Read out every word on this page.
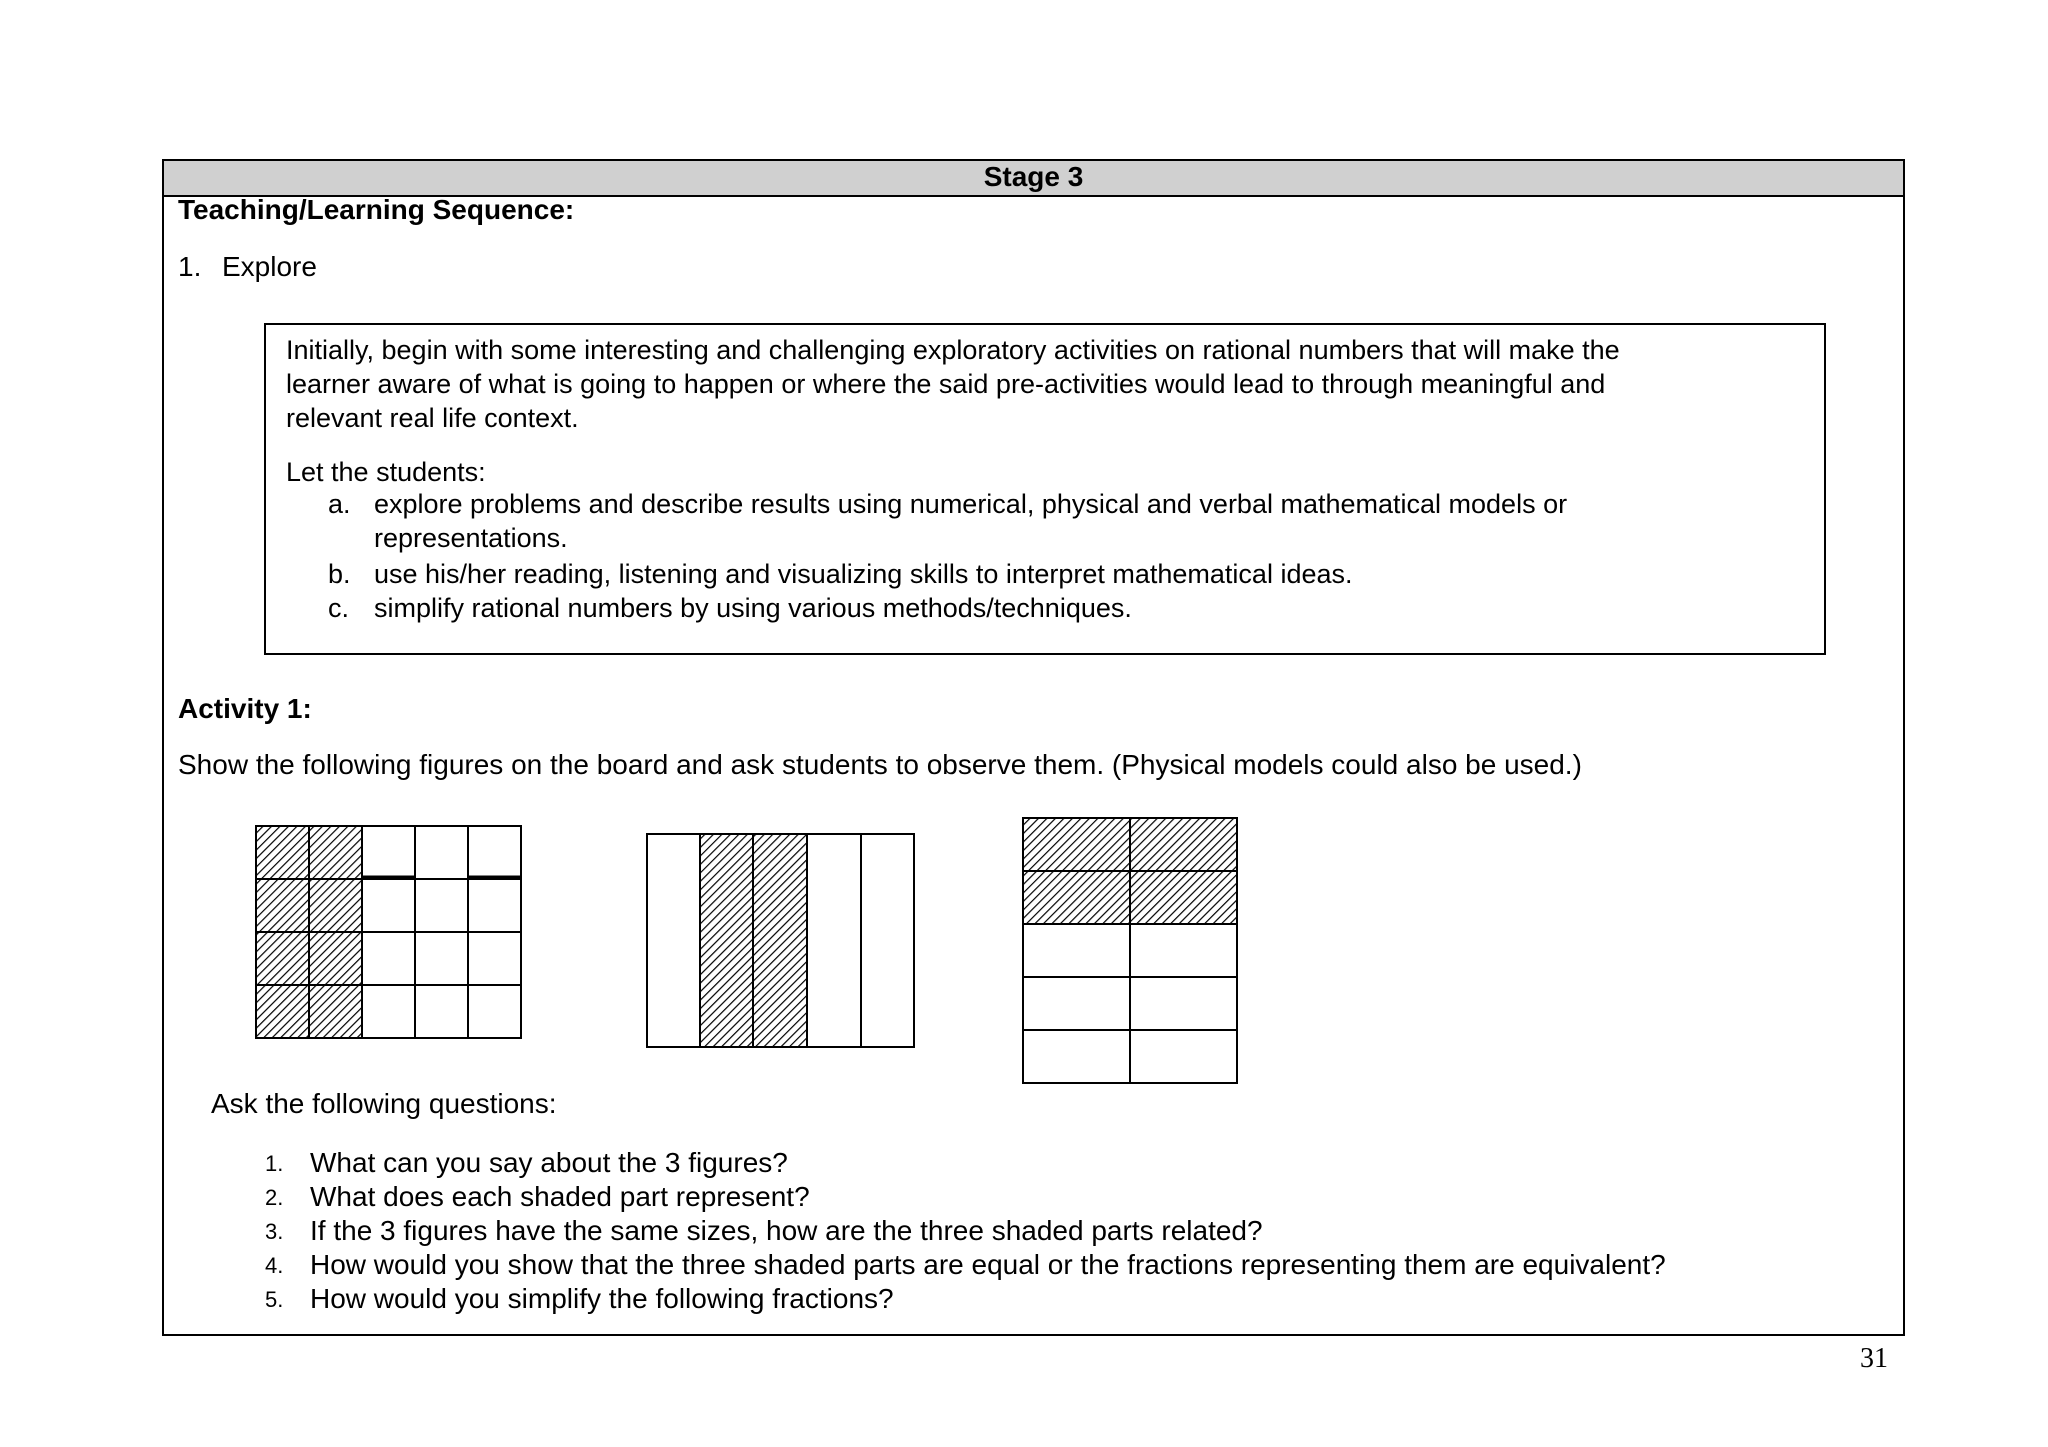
Stage 3
Teaching/Learning Sequence:
1. Explore
Initially, begin with some interesting and challenging exploratory activities on rational numbers that will make the
learner aware of what is going to happen or where the said pre-activities would lead to through meaningful and
relevant real life context.
Let the students:
a. explore problems and describe results using numerical, physical and verbal mathematical models or
representations.
b. use his/her reading, listening and visualizing skills to interpret mathematical ideas.
c. simplify rational numbers by using various methods/techniques.
Activity 1:
Show the following figures on the board and ask students to observe them. (Physical models could also be used.)
Ask the following questions:
1. What can you say about the 3 figures?
2. What does each shaded part represent?
3. If the 3 figures have the same sizes, how are the three shaded parts related?
4. How would you show that the three shaded parts are equal or the fractions representing them are equivalent?
5. How would you simplify the following fractions?
31
